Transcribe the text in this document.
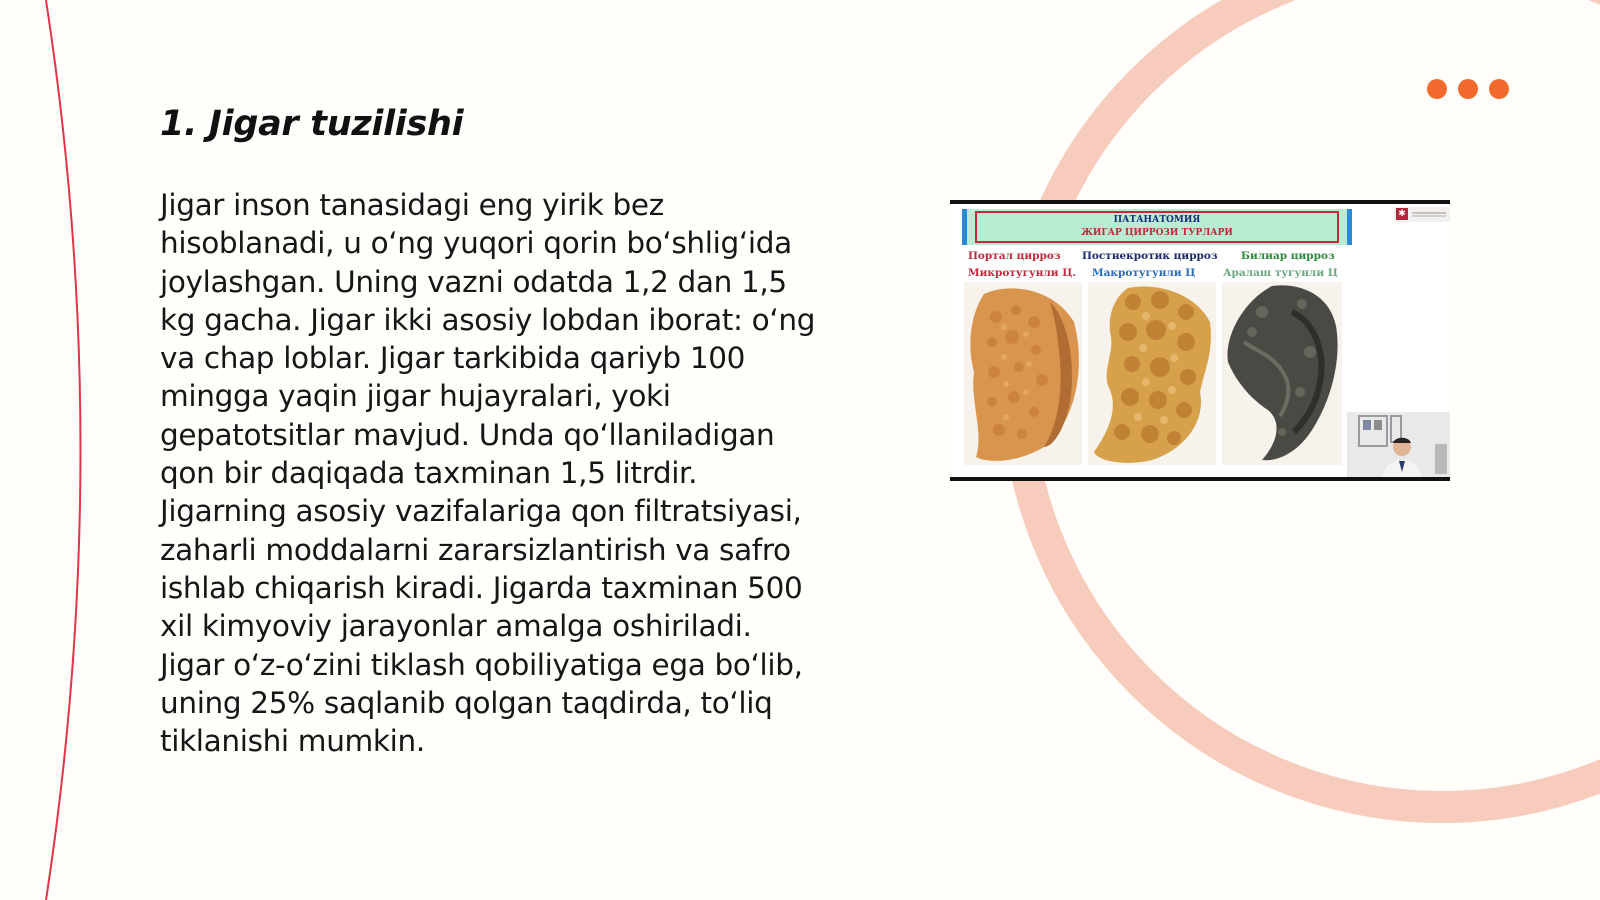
1. Jigar tuzilishi
Jigar inson tanasidagi eng yirik bez
hisoblanadi, u o‘ng yuqori qorin bo‘shlig‘ida
joylashgan. Uning vazni odatda 1,2 dan 1,5
kg gacha. Jigar ikki asosiy lobdan iborat: o‘ng
va chap loblar. Jigar tarkibida qariyb 100
mingga yaqin jigar hujayralari, yoki
gepatotsitlar mavjud. Unda qo‘llaniladigan
qon bir daqiqada taxminan 1,5 litrdir.
Jigarning asosiy vazifalariga qon filtratsiyasi,
zaharli moddalarni zararsizlantirish va safro
ishlab chiqarish kiradi. Jigarda taxminan 500
xil kimyoviy jarayonlar amalga oshiriladi.
Jigar o‘z-o‘zini tiklash qobiliyatiga ega bo‘lib,
uning 25% saqlanib qolgan taqdirda, to‘liq
tiklanishi mumkin.
ПАТАНАТОМИЯ
ЖИГАР ЦИРРОЗИ ТУРЛАРИ
✱
Портал цирроз
Микротугунли Ц.
Постнекротик цирроз
Макротугунли Ц
Билиар цирроз
Аралаш тугунли Ц
